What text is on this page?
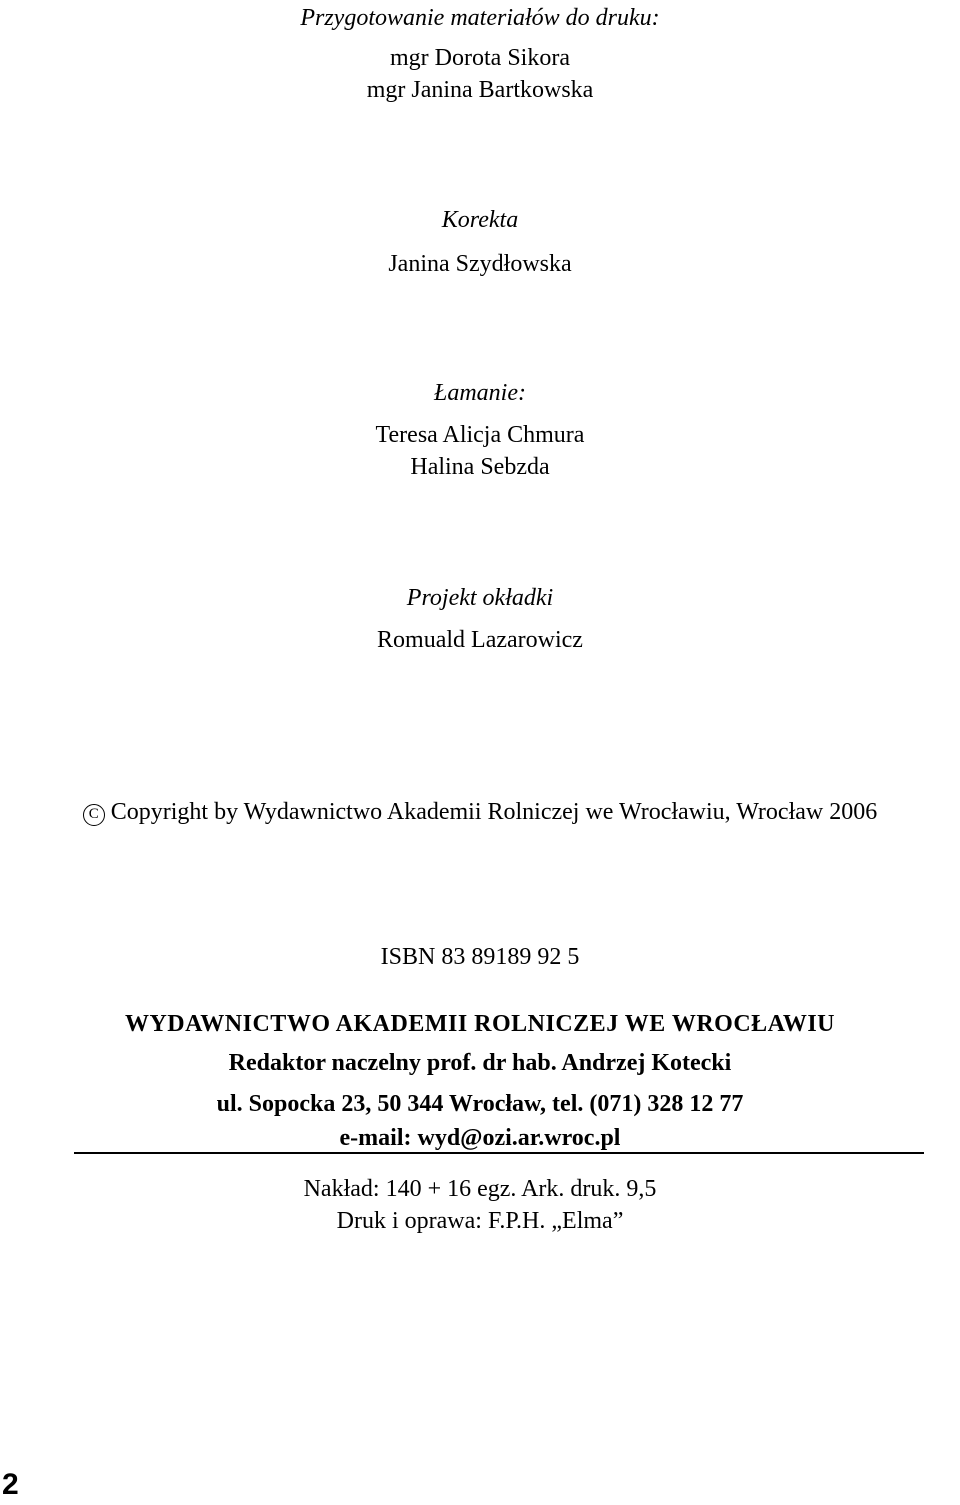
Przygotowanie materiałów do druku:
mgr Dorota Sikora
mgr Janina Bartkowska
Korekta
Janina Szydłowska
Łamanie:
Teresa Alicja Chmura
Halina Sebzda
Projekt okładki
Romuald Lazarowicz
C Copyright by Wydawnictwo Akademii Rolniczej we Wrocławiu, Wrocław 2006
ISBN 83 89189 92 5
WYDAWNICTWO AKADEMII ROLNICZEJ WE WROCŁAWIU
Redaktor naczelny prof. dr hab. Andrzej Kotecki
ul. Sopocka 23, 50 344 Wrocław, tel. (071) 328 12 77
e-mail: wyd@ozi.ar.wroc.pl
Nakład: 140 + 16 egz. Ark. druk. 9,5
Druk i oprawa: F.P.H. „Elma”
2
